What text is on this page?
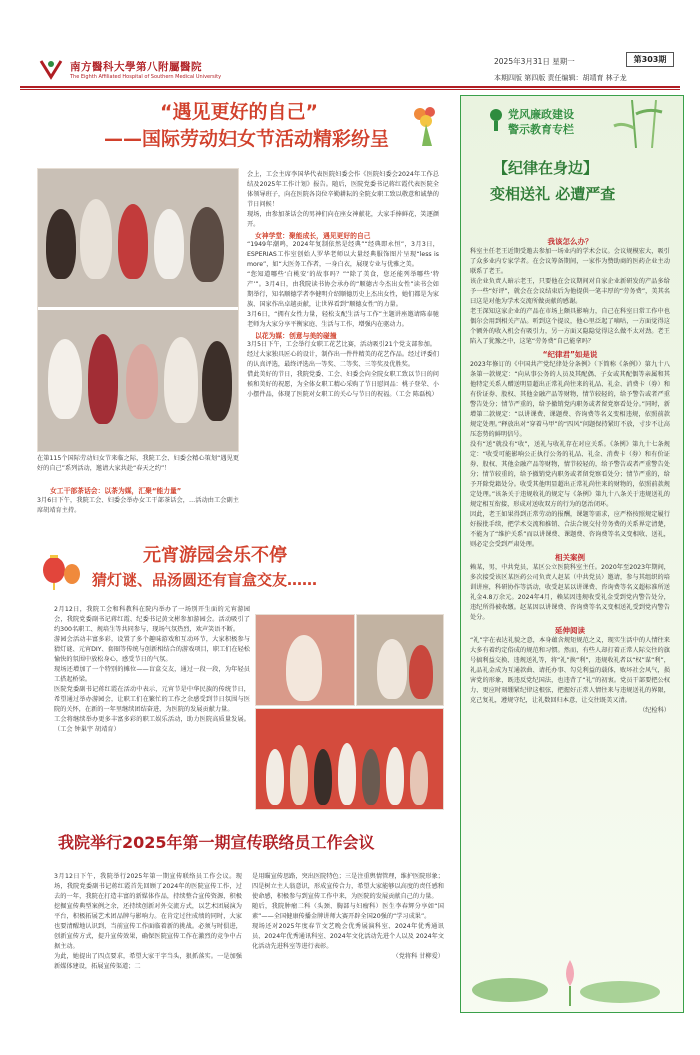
南方醫科大學第八附屬醫院
The Eighth Affiliated Hospital of Southern Medical University
2025年3月31日 星期一	第303期
本期四版 第四版 责任编辑：胡靖育 林子龙
“遇见更好的自己”
——国际劳动妇女节活动精彩纷呈
在第115个国际劳动妇女节来临之际，我院工会、妇委会精心策划“遇见更好的自己”系列活动，邀请大家共赴“春天之约”！
女工干部茶话会：以茶为媒，汇聚“能力量”
3月6日下午，我院工会、妇委会举办女工干部茶话会，…活动由工会副主席胡靖育主持。

会上，工会主席李国华代表医院妇委会作《医院妇委会2024年工作总结及2025年工作计划》报告。随后，医院党委书记蒋红霞代表医院全体领导班子，向在医院各岗位辛勤耕耘的全院女职工致以敬意和诚挚的节日问候！

现场，由参加茶话会的男神们向在座女神献花，大家手捧鲜花，笑逐颜开。

女神学堂：聚能成长，遇见更好的自己

“1949年潮鸣，2024年复制依然是经典”“经典即永恒”，3月3日，ESPERIAS工作室创始人罗华老师以大量经典服饰图片呈现“less is more”，如“大医务工作者，一身白衣，展现专业与优雅之美。

“您知道哪些‘白桃安’的故事吗？”“除了美食，您还能列举哪些‘特产’”。3月4日，由我院读书协会承办的“顺德古今杰出女性”读书会如期举行，知名顺德学者李健明介绍顺德历史上杰出女性，她们都是为家族、国家作出卓越贡献，让世界看到“顺德女性”的力量。

3月6日，“拥有女性力量，轻松支配生活与工作”主题讲座邀请陈泰驰老师为大家分享平衡家庭、生活与工作，增强内在驱动力。

以花为媒：创意与美的碰撞

3月5日下午，工会举行女职工花艺比赛，活动吸引21个党支部参加。

经过大家独具匠心的设计，制作出一件件精美的花艺作品。经过评委们的认真评选，最终评选出一等奖、二等奖、三等奖及优胜奖。

借此美好的节日，我院党委、工会、妇委会向全院女职工致以节日的问候和美好的祝愿，为全体女职工精心采购了节日慰问品：桃子登荣、小小摆件品，体现了医院对女职工的关心与节日的祝福。（工会 陈磊梳）

元宵游园会乐不停
猜灯谜、品汤圆还有盲盒交友……

2月12日，我院工会和科教科在院内举办了一场别开生面的元宵游园会，我院党委副书记蒋红霞、纪委书记黄文彬参加游园会。活动吸引了约300名职工、规培生等共同参与，现场气氛热烈，欢声笑语不断。

游园会活动丰富多彩，设置了多个趣味游戏和互动环节，大家积极参与猜灯谜、元宵DIY、套圈等传统与创新相结合的游戏项目，职工们在轻松愉快的氛围中放松身心，感受节日的气氛。

现场还增加了一个特别的摊位——盲盒交友，通过一段一段，为年轻员工搭起桥梁。

医院党委副书记蒋红霞在活动中表示，元宵节是中华民族的传统节日，希望通过举办游园会，让职工们在繁忙的工作之余感受到节日氛围与医院的关怀，在新的一年里继续团结奋进，为医院的发展贡献力量。

工会将继续举办更多丰富多彩的职工娱乐活动，助力医院高质量发展。（工会 钟巢宇 胡靖育）

我院举行2025年第一期宣传联络员工作会议

3月12日下午，我院举行2025年第一期宣传联络员工作会议。现场，我院党委副书记蒋红霞首先回顾了2024年的医院宣传工作，过去的一年，我院在打造丰富的新媒体作品，持续整合宣传资源，积极挖掘宣传典型案例之余，还持续创新对外交流方式，以艺术团展演为平台，积极拓展艺术团品牌与影响力。在肯定过往成绩的同时，大家也要清醒地认识到，当前宣传工作面临着新的挑战。必须与时俱进，创新宣传方式，提升宣传效果，确保医院宣传工作在激烈的竞争中占据主动。

为此，她提出了四点要求，希望大家干字当头，狠抓落实。一是加强新媒体建设，拓展宣传渠道；二

是用瞄宣传思路，突出医院特色；三是注重舆情管理，维护医院形象；四是树立主人翁意识，形成宣传合力，希望大家能够以高度的责任感和使命感，积极参与到宣传工作中来，为医院的发展贡献自己的力量。

随后，我院肿瘤二科（头颈、胸部与妇瘤科）医生李春辉分享如“国素”——全国健康传播金牌讲师大赛开辟全国20强的“学习成果”。

现场还对2025年度春节文艺晚会优秀展演科室、2024年优秀通讯员、2024年优秀通讯科室、2024年文化活动先进个人以及 2024年文化活动先进科室等进行表彰。

（党将科 甘柳爱）

党风廉政建设
警示教育专栏
【纪律在身边】
变相送礼 必遭严查

我该怎么办？

科室主任老王近期受邀去参加一场业内的学术会议。会议规模宏大，吸引了众多业内专家学者。在会议筹备期间，一家作为赞助商的医药企业主动联系了老王。

该企业负责人暗示老王，只要他在会议期间对自家企业新研发的产品多给予一些“好评”，就会在会议结束后为他提供一笔丰厚的“劳务费”，美其名曰这是对他为学术交流所做贡献的感谢。

老王深知这家企业的产品在市场上颇具影响力，自己在科室日常工作中也偶尔会用到相关产品。听到这个提议，他心里泛起了嘀咕，一方面觉得这个额外的收入机会有吸引力，另一方面又隐隐觉得这么做不太对劲。老王陷入了犹豫之中，这笔“劳务费”自己能拿吗？

“纪律君”如是说

2023年修订的《中国共产党纪律处分条例》（下简称《条例》）第九十八条第一款规定：“向从事公务的人员及其配偶、子女或其配偶等亲属和其他特定关系人赠送明显超出正常礼尚往来的礼品、礼金、消费卡（券）和有价证券、股权、其他金融产品等财物，情节较轻的，给予警告或者严重警告处分；情节严重的，给予撤销党内职务或者留党察看处分。”同时，新增第二款规定：“以讲课费、课题费、咨询费等名义变相违规，依照前款规定处理。”释放出对“穿着马甲”的“四风”问题保持紧盯不放，寸步不让高压态势的鲜明信号。

没有“送”就没有“收”，送礼与收礼存在对应关系。《条例》第九十七条规定：“收受可能影响公正执行公务的礼品、礼金、消费卡（券）和有价证券、股权、其他金融产品等财物，情节较轻的，给予警告或者严重警告处分；情节较重的，给予撤销党内职务或者留党察看处分；情节严重的，给予开除党籍处分。收受其他明显超出正常礼尚往来的财物的，依照前款规定处理。”该条关于违规收礼的规定与《条例》第九十八条关于违规送礼的规定相互衔接，形成对送收双方的行为的惩治闭环。

因此，老王如果得到正常劳动的报酬，课题等需求，应严格按照规定履行好报批手续，把学术交流和推销、合法合规交付劳务费的关系界定清楚，不能为了“维护关系”而以讲课费、课题费、咨询费等名义变相收、送礼，则必定会受到严肃处理。

相关案例

赖某，男，中共党员，某区公立医院科室主任。2020年至2023年期间，多次接受该区某医药公司负责人赵某（中共党员）邀请，参与其组织的培训讲座，科研协作等活动，收受赵某以讲课费、咨询费等名义超标准所送礼金4.8万余元。2024年4月，赖某因违规收受礼金受到党内警告处分，违纪所得被收缴。赵某因以讲课费、咨询费等名义变相送礼受到党内警告处分。

延伸阅读

“礼”字在表达礼貌之意，本身蕴含规矩规范之义，现实生活中的人情往来大多有着约定俗成的规范和习惯。然而，有些人却打着正常人际交往的旗号搞利益交换、违规送礼等，将“礼”换“利”，违规收礼者以“权”谋“利”，礼品礼金成为互通款曲、请托办事、勾兑利益的载体，败坏社会风气，损害党的形象，既违反党纪国法，也违背了“礼”的初衷。党员干部要把公权力、更应时刻绷紧纪律这根弦，把握好正常人情往来与违规送礼的界限，克己复礼，遵规守纪，让礼数回归本意，让交往既美又清。

（纪检科）
